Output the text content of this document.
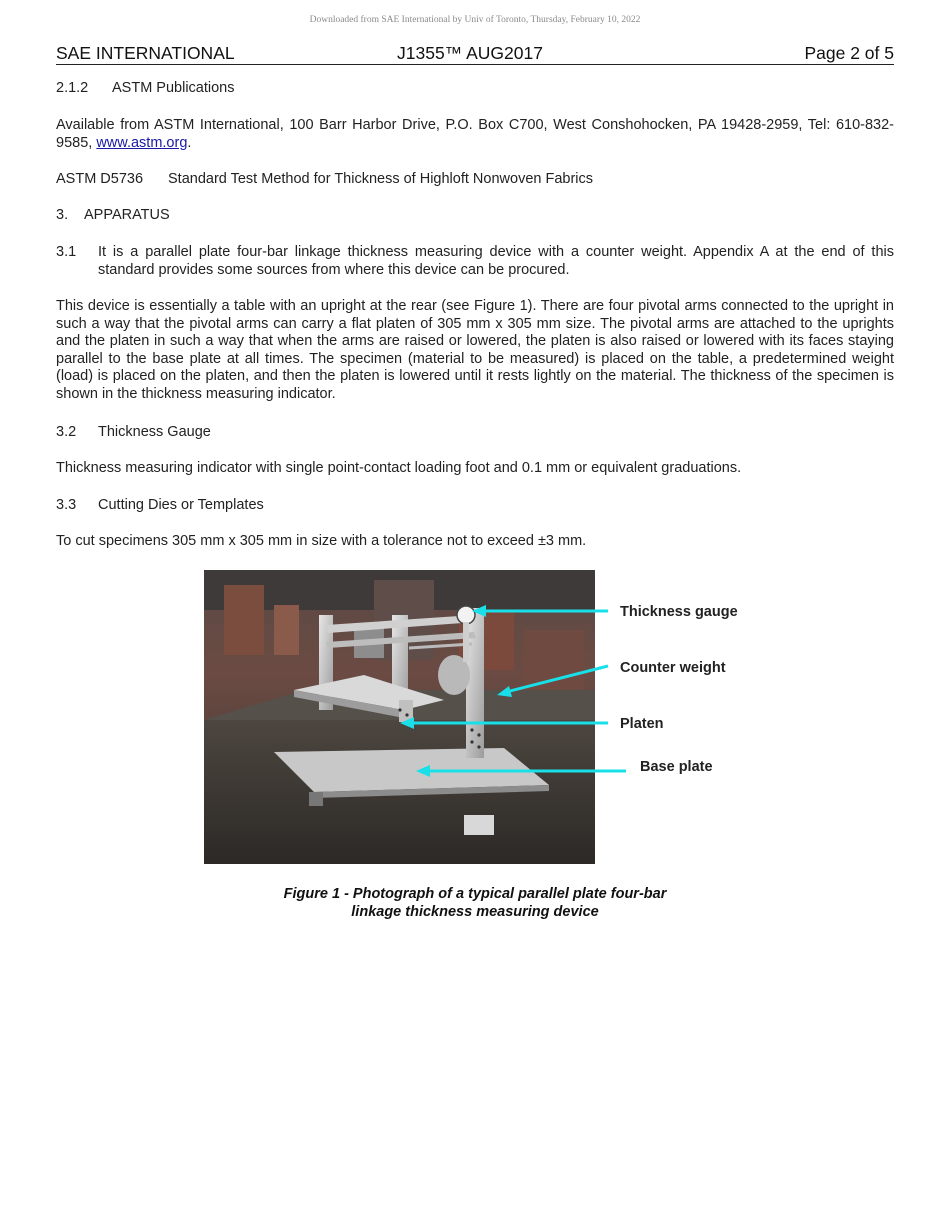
Downloaded from SAE International by Univ of Toronto, Thursday, February 10, 2022
SAE INTERNATIONAL	J1355™ AUG2017	Page 2 of 5
2.1.2 ASTM Publications
Available from ASTM International, 100 Barr Harbor Drive, P.O. Box C700, West Conshohocken, PA 19428-2959, Tel: 610-832-9585, www.astm.org.
ASTM D5736 Standard Test Method for Thickness of Highloft Nonwoven Fabrics
3. APPARATUS
3.1	It is a parallel plate four-bar linkage thickness measuring device with a counter weight. Appendix A at the end of this standard provides some sources from where this device can be procured.
This device is essentially a table with an upright at the rear (see Figure 1). There are four pivotal arms connected to the upright in such a way that the pivotal arms can carry a flat platen of 305 mm x 305 mm size. The pivotal arms are attached to the uprights and the platen in such a way that when the arms are raised or lowered, the platen is also raised or lowered with its faces staying parallel to the base plate at all times. The specimen (material to be measured) is placed on the table, a predetermined weight (load) is placed on the platen, and then the platen is lowered until it rests lightly on the material. The thickness of the specimen is shown in the thickness measuring indicator.
3.2 Thickness Gauge
Thickness measuring indicator with single point-contact loading foot and 0.1 mm or equivalent graduations.
3.3 Cutting Dies or Templates
To cut specimens 305 mm x 305 mm in size with a tolerance not to exceed ±3 mm.
Thickness gauge
Counter weight
Platen
Base plate
Figure 1 - Photograph of a typical parallel plate four-bar
linkage thickness measuring device
